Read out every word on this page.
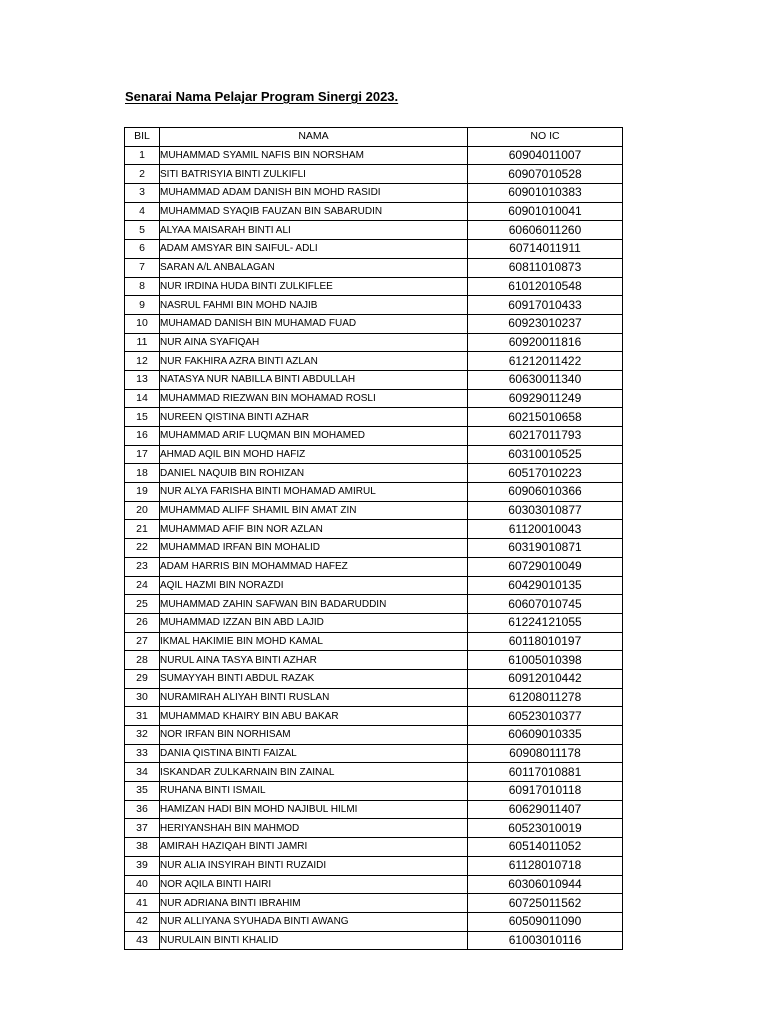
Senarai Nama Pelajar Program Sinergi 2023.
BIL	NAMA	NO IC
1	MUHAMMAD SYAMIL NAFIS BIN NORSHAM	60904011007
2	SITI BATRISYIA BINTI ZULKIFLI	60907010528
3	MUHAMMAD ADAM DANISH BIN MOHD RASIDI	60901010383
4	MUHAMMAD SYAQIB FAUZAN BIN SABARUDIN	60901010041
5	ALYAA MAISARAH BINTI ALI	60606011260
6	ADAM AMSYAR BIN SAIFUL- ADLI	60714011911
7	SARAN A/L ANBALAGAN	60811010873
8	NUR IRDINA HUDA BINTI ZULKIFLEE	61012010548
9	NASRUL FAHMI BIN MOHD NAJIB	60917010433
10	MUHAMAD DANISH BIN MUHAMAD FUAD	60923010237
11	NUR AINA SYAFIQAH	60920011816
12	NUR FAKHIRA AZRA BINTI AZLAN	61212011422
13	NATASYA NUR NABILLA BINTI ABDULLAH	60630011340
14	MUHAMMAD RIEZWAN BIN MOHAMAD ROSLI	60929011249
15	NUREEN QISTINA BINTI AZHAR	60215010658
16	MUHAMMAD ARIF LUQMAN BIN MOHAMED	60217011793
17	AHMAD AQIL BIN MOHD HAFIZ	60310010525
18	DANIEL NAQUIB BIN ROHIZAN	60517010223
19	NUR ALYA FARISHA BINTI MOHAMAD AMIRUL	60906010366
20	MUHAMMAD ALIFF SHAMIL BIN AMAT ZIN	60303010877
21	MUHAMMAD AFIF BIN NOR AZLAN	61120010043
22	MUHAMMAD IRFAN BIN MOHALID	60319010871
23	ADAM HARRIS BIN MOHAMMAD HAFEZ	60729010049
24	AQIL HAZMI BIN NORAZDI	60429010135
25	MUHAMMAD ZAHIN SAFWAN BIN BADARUDDIN	60607010745
26	MUHAMMAD IZZAN BIN ABD LAJID	61224121055
27	IKMAL HAKIMIE BIN MOHD KAMAL	60118010197
28	NURUL AINA TASYA BINTI AZHAR	61005010398
29	SUMAYYAH BINTI ABDUL RAZAK	60912010442
30	NURAMIRAH ALIYAH BINTI RUSLAN	61208011278
31	MUHAMMAD KHAIRY BIN ABU BAKAR	60523010377
32	NOR IRFAN BIN NORHISAM	60609010335
33	DANIA QISTINA BINTI FAIZAL	60908011178
34	ISKANDAR ZULKARNAIN BIN ZAINAL	60117010881
35	RUHANA BINTI ISMAIL	60917010118
36	HAMIZAN HADI BIN MOHD NAJIBUL HILMI	60629011407
37	HERIYANSHAH BIN MAHMOD	60523010019
38	AMIRAH HAZIQAH BINTI JAMRI	60514011052
39	NUR ALIA INSYIRAH BINTI RUZAIDI	61128010718
40	NOR AQILA BINTI HAIRI	60306010944
41	NUR ADRIANA BINTI IBRAHIM	60725011562
42	NUR ALLIYANA SYUHADA BINTI AWANG	60509011090
43	NURULAIN BINTI KHALID	61003010116
